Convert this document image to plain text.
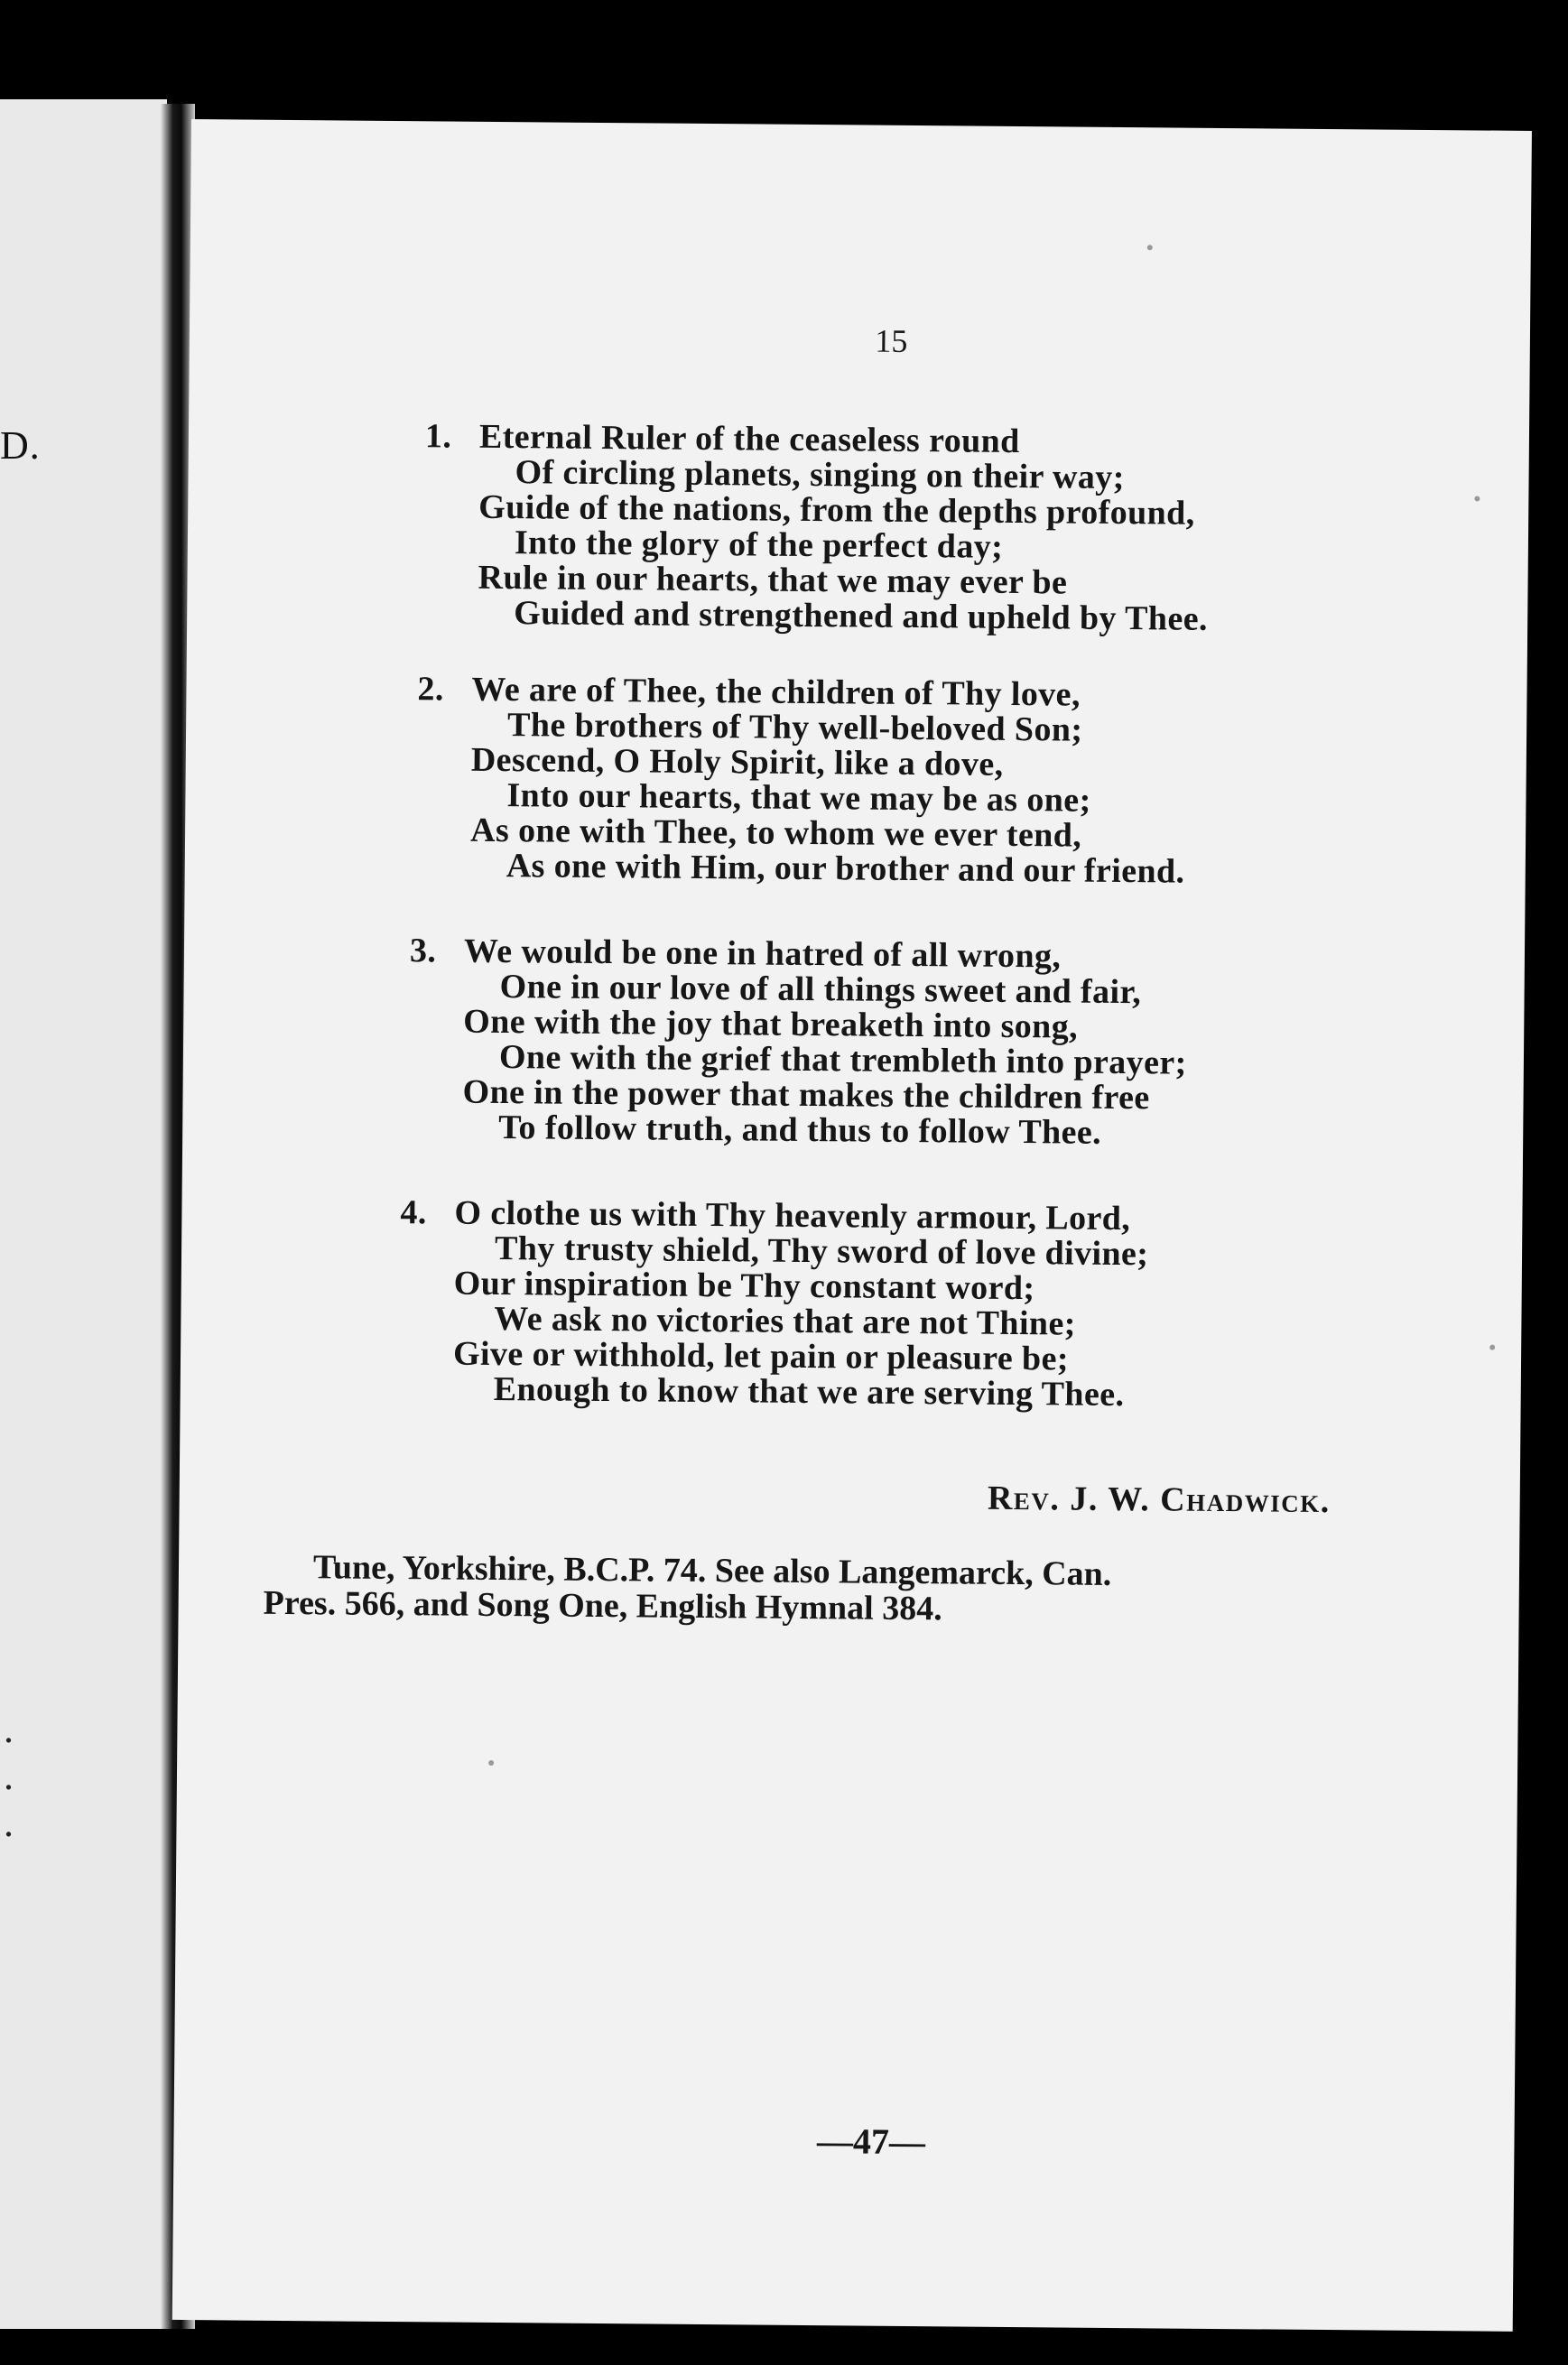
D.
.
.
.
15
1. Eternal Ruler of the ceaseless round
Of circling planets, singing on their way;
Guide of the nations, from the depths profound,
Into the glory of the perfect day;
Rule in our hearts, that we may ever be
Guided and strengthened and upheld by Thee.
2. We are of Thee, the children of Thy love,
The brothers of Thy well-beloved Son;
Descend, O Holy Spirit, like a dove,
Into our hearts, that we may be as one;
As one with Thee, to whom we ever tend,
As one with Him, our brother and our friend.
3. We would be one in hatred of all wrong,
One in our love of all things sweet and fair,
One with the joy that breaketh into song,
One with the grief that trembleth into prayer;
One in the power that makes the children free
To follow truth, and thus to follow Thee.
4. O clothe us with Thy heavenly armour, Lord,
Thy trusty shield, Thy sword of love divine;
Our inspiration be Thy constant word;
We ask no victories that are not Thine;
Give or withhold, let pain or pleasure be;
Enough to know that we are serving Thee.
Rev. J. W. Chadwick.
Tune, Yorkshire, B.C.P. 74. See also Langemarck, Can.
Pres. 566, and Song One, English Hymnal 384.
—47—
